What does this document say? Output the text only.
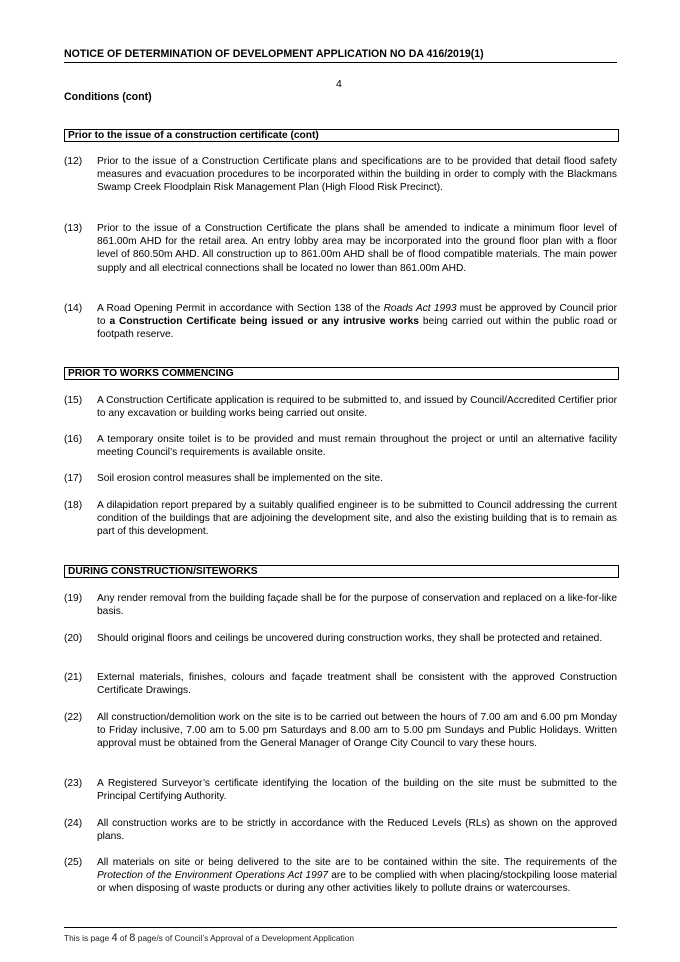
NOTICE OF DETERMINATION OF DEVELOPMENT APPLICATION NO DA 416/2019(1)
4
Conditions (cont)
Prior to the issue of a construction certificate (cont)
(12) Prior to the issue of a Construction Certificate plans and specifications are to be provided that detail flood safety measures and evacuation procedures to be incorporated within the building in order to comply with the Blackmans Swamp Creek Floodplain Risk Management Plan (High Flood Risk Precinct).
(13) Prior to the issue of a Construction Certificate the plans shall be amended to indicate a minimum floor level of 861.00m AHD for the retail area. An entry lobby area may be incorporated into the ground floor plan with a floor level of 860.50m AHD. All construction up to 861.00m AHD shall be of flood compatible materials. The main power supply and all electrical connections shall be located no lower than 861.00m AHD.
(14) A Road Opening Permit in accordance with Section 138 of the Roads Act 1993 must be approved by Council prior to a Construction Certificate being issued or any intrusive works being carried out within the public road or footpath reserve.
PRIOR TO WORKS COMMENCING
(15) A Construction Certificate application is required to be submitted to, and issued by Council/Accredited Certifier prior to any excavation or building works being carried out onsite.
(16) A temporary onsite toilet is to be provided and must remain throughout the project or until an alternative facility meeting Council’s requirements is available onsite.
(17) Soil erosion control measures shall be implemented on the site.
(18) A dilapidation report prepared by a suitably qualified engineer is to be submitted to Council addressing the current condition of the buildings that are adjoining the development site, and also the existing building that is to remain as part of this development.
DURING CONSTRUCTION/SITEWORKS
(19) Any render removal from the building façade shall be for the purpose of conservation and replaced on a like-for-like basis.
(20) Should original floors and ceilings be uncovered during construction works, they shall be protected and retained.
(21) External materials, finishes, colours and façade treatment shall be consistent with the approved Construction Certificate Drawings.
(22) All construction/demolition work on the site is to be carried out between the hours of 7.00 am and 6.00 pm Monday to Friday inclusive, 7.00 am to 5.00 pm Saturdays and 8.00 am to 5.00 pm Sundays and Public Holidays. Written approval must be obtained from the General Manager of Orange City Council to vary these hours.
(23) A Registered Surveyor’s certificate identifying the location of the building on the site must be submitted to the Principal Certifying Authority.
(24) All construction works are to be strictly in accordance with the Reduced Levels (RLs) as shown on the approved plans.
(25) All materials on site or being delivered to the site are to be contained within the site. The requirements of the Protection of the Environment Operations Act 1997 are to be complied with when placing/stockpiling loose material or when disposing of waste products or during any other activities likely to pollute drains or watercourses.
This is page 4 of 8 page/s of Council’s Approval of a Development Application
